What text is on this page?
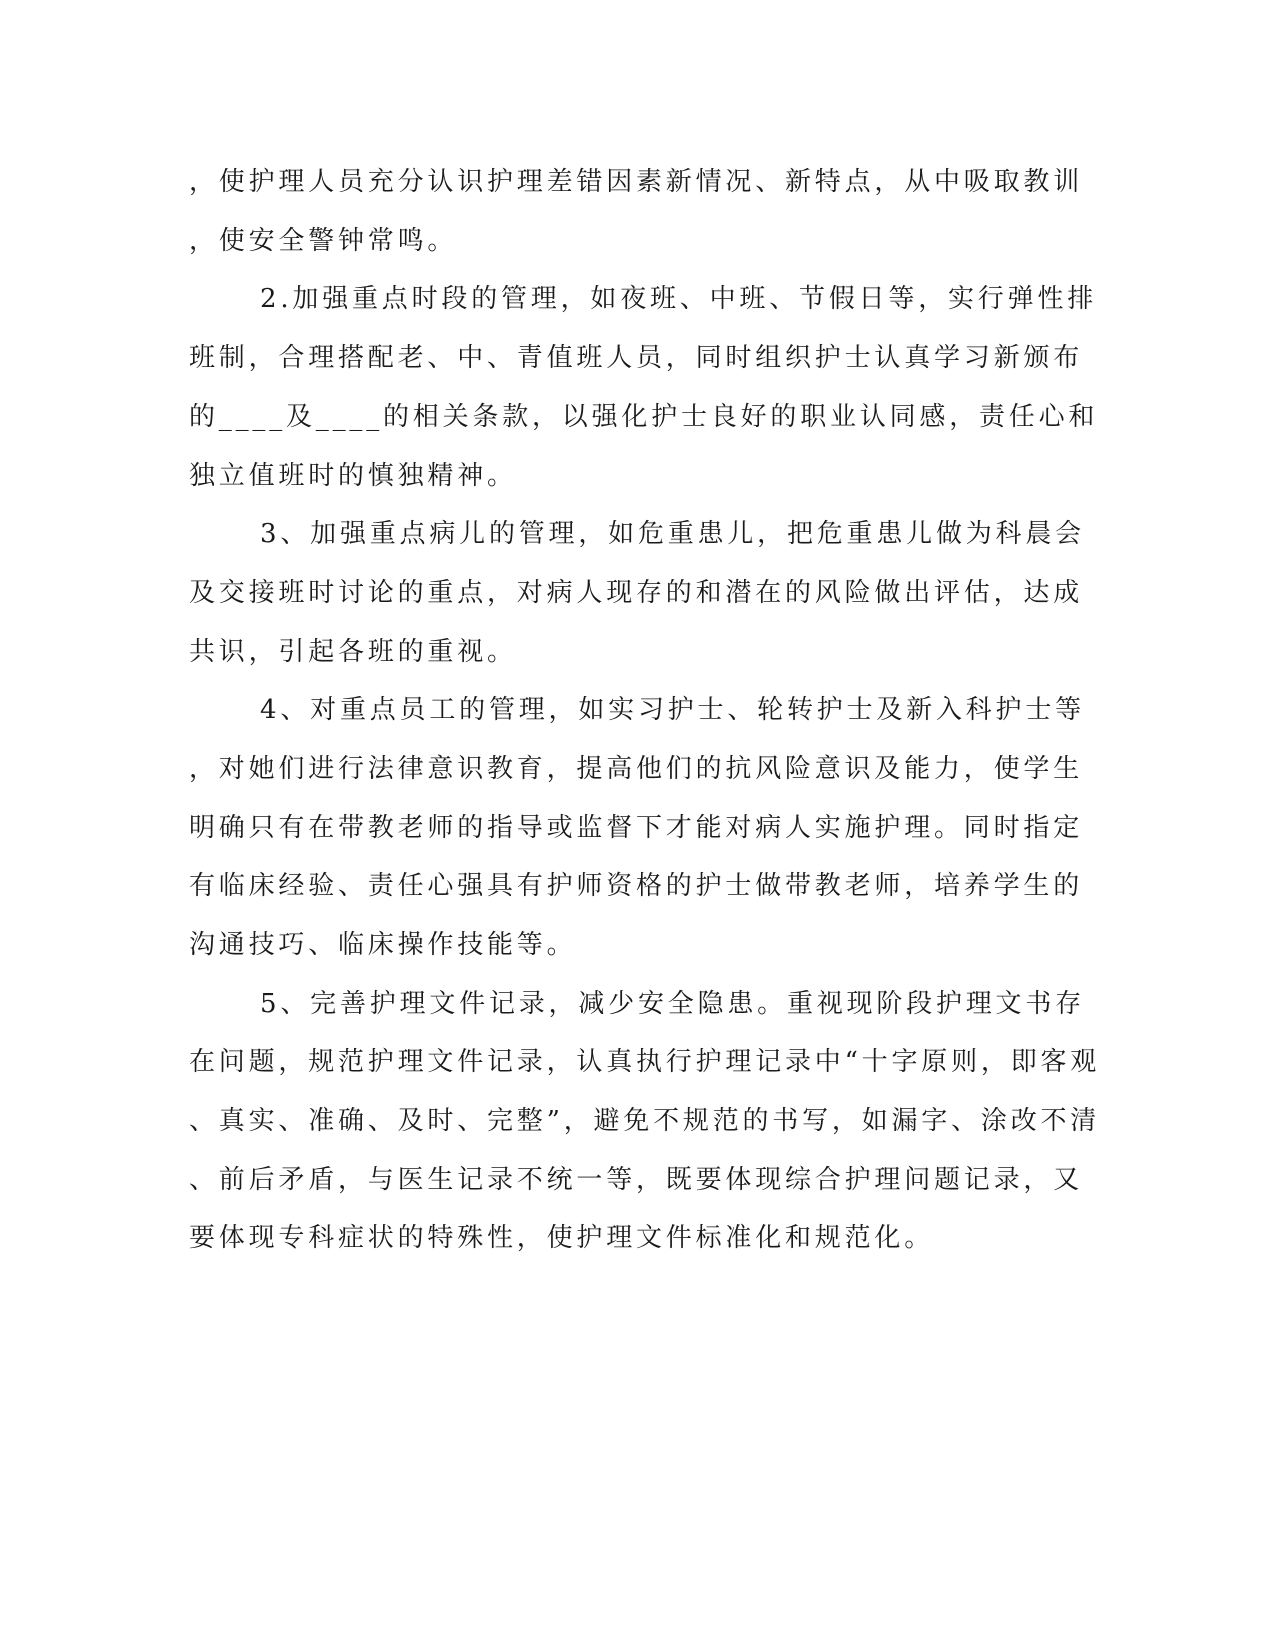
，使护理人员充分认识护理差错因素新情况、新特点，从中吸取教训
，使安全警钟常鸣。
2.加强重点时段的管理，如夜班、中班、节假日等，实行弹性排
班制，合理搭配老、中、青值班人员，同时组织护士认真学习新颁布
的____及____的相关条款，以强化护士良好的职业认同感，责任心和
独立值班时的慎独精神。
3、加强重点病儿的管理，如危重患儿，把危重患儿做为科晨会
及交接班时讨论的重点，对病人现存的和潜在的风险做出评估，达成
共识，引起各班的重视。
4、对重点员工的管理，如实习护士、轮转护士及新入科护士等
，对她们进行法律意识教育，提高他们的抗风险意识及能力，使学生
明确只有在带教老师的指导或监督下才能对病人实施护理。同时指定
有临床经验、责任心强具有护师资格的护士做带教老师，培养学生的
沟通技巧、临床操作技能等。
5、完善护理文件记录，减少安全隐患。重视现阶段护理文书存
在问题，规范护理文件记录，认真执行护理记录中“十字原则，即客观
、真实、准确、及时、完整”，避免不规范的书写，如漏字、涂改不清
、前后矛盾，与医生记录不统一等，既要体现综合护理问题记录，又
要体现专科症状的特殊性，使护理文件标准化和规范化。
